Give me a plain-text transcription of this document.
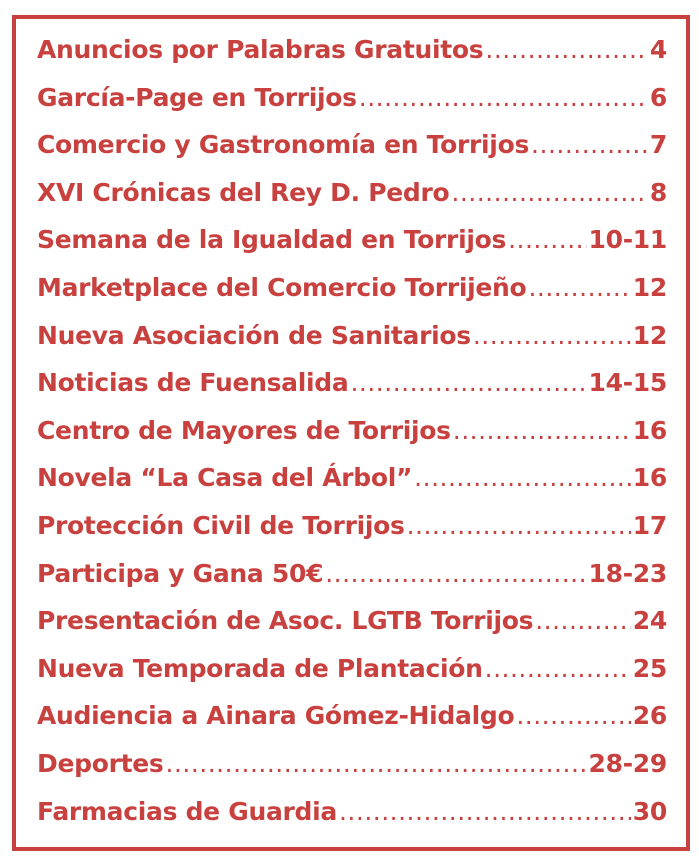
Anuncios por Palabras Gratuitos .....	4
García-Page en Torrijos .....	6
Comercio y Gastronomía en Torrijos .....	7
XVI Crónicas del Rey D. Pedro .....	8
Semana de la Igualdad en Torrijos .....	10-11
Marketplace del Comercio Torrijeño .....	12
Nueva Asociación de Sanitarios .....	12
Noticias de Fuensalida .....	14-15
Centro de Mayores de Torrijos .....	16
Novela “La Casa del Árbol” .....	16
Protección Civil de Torrijos .....	17
Participa y Gana 50€ .....	18-23
Presentación de Asoc. LGTB Torrijos .....	24
Nueva Temporada de Plantación .....	25
Audiencia a Ainara Gómez-Hidalgo .....	26
Deportes .....	28-29
Farmacias de Guardia .....	30
